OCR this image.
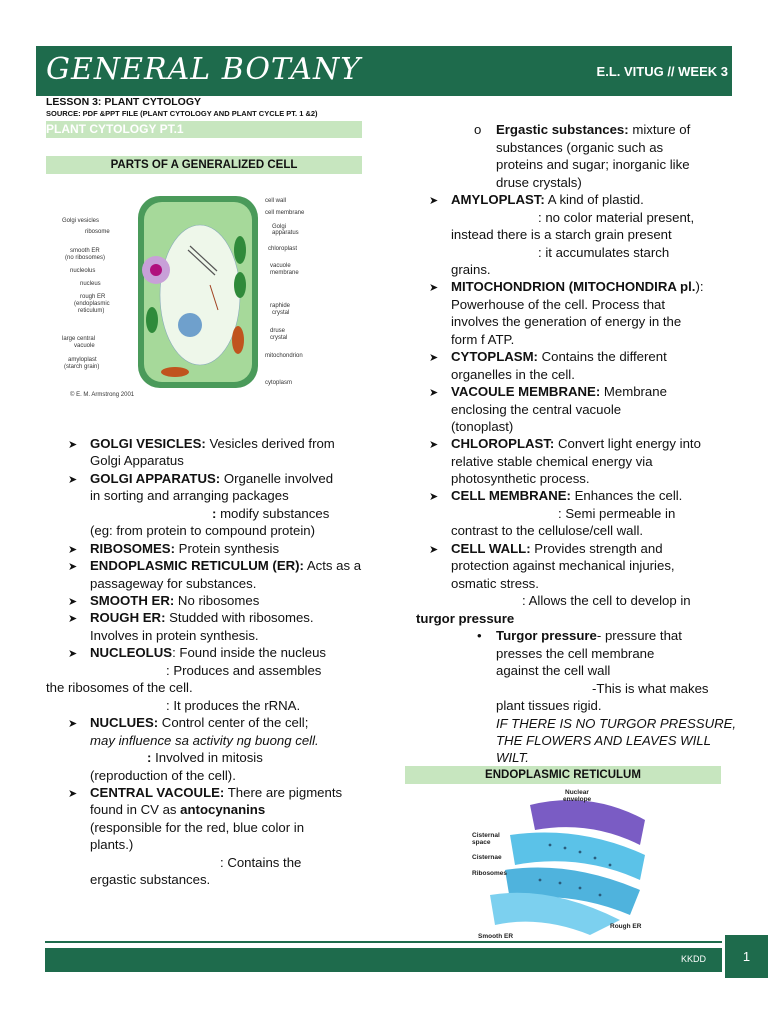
GENERAL BOTANY	E.L. VITUG // WEEK 3
LESSON 3: PLANT CYTOLOGY
SOURCE: PDF &PPT FILE (PLANT CYTOLOGY AND PLANT CYCLE PT. 1 &2)
PLANT CYTOLOGY PT.1
PARTS OF A GENERALIZED CELL
Golgi vesicles
ribosome
smooth ER
(no ribosomes)
nucleolus
nucleus
rough ER
(endoplasmic
reticulum)
large central
vacuole
amyloplast
(starch grain)
cell wall
cell membrane
Golgi
apparatus
chloroplast
vacuole
membrane
raphide
crystal
druse
crystal
mitochondrion
cytoplasm
© E. M. Armstrong 2001
➤ GOLGI VESICLES: Vesicles derived from
Golgi Apparatus
➤ GOLGI APPARATUS: Organelle involved
in sorting and arranging packages
: modify substances
(eg: from protein to compound protein)
➤ RIBOSOMES: Protein synthesis
➤ ENDOPLASMIC RETICULUM (ER): Acts as a
passageway for substances.
➤ SMOOTH ER: No ribosomes
➤ ROUGH ER: Studded with ribosomes.
Involves in protein synthesis.
➤ NUCLEOLUS: Found inside the nucleus
: Produces and assembles
the ribosomes of the cell.
: It produces the rRNA.
➤ NUCLUES: Control center of the cell;
may influence sa activity ng buong cell.
: Involved in mitosis
(reproduction of the cell).
➤ CENTRAL VACOULE: There are pigments
found in CV as antocynanins
(responsible for the red, blue color in
plants.)
: Contains the
ergastic substances.
o Ergastic substances: mixture of
substances (organic such as
proteins and sugar; inorganic like
druse crystals)
➤ AMYLOPLAST: A kind of plastid.
: no color material present,
instead there is a starch grain present
: it accumulates starch
grains.
➤ MITOCHONDRION (MITOCHONDIRA pl.):
Powerhouse of the cell. Process that
involves the generation of energy in the
form f ATP.
➤ CYTOPLASM: Contains the different
organelles in the cell.
➤ VACOULE MEMBRANE: Membrane
enclosing the central vacuole
(tonoplast)
➤ CHLOROPLAST: Convert light energy into
relative stable chemical energy via
photosynthetic process.
➤ CELL MEMBRANE: Enhances the cell.
: Semi permeable in
contrast to the cellulose/cell wall.
➤ CELL WALL: Provides strength and
protection against mechanical injuries,
osmatic stress.
: Allows the cell to develop in
turgor pressure
• Turgor pressure- pressure that
presses the cell membrane
against the cell wall
-This is what makes
plant tissues rigid.
IF THERE IS NO TURGOR PRESSURE,
THE FLOWERS AND LEAVES WILL
WILT.
ENDOPLASMIC RETICULUM
Nuclear
envelope
Cisternal
space
Cisternae
Ribosomes
Rough ER
Smooth ER
KKDD	1
